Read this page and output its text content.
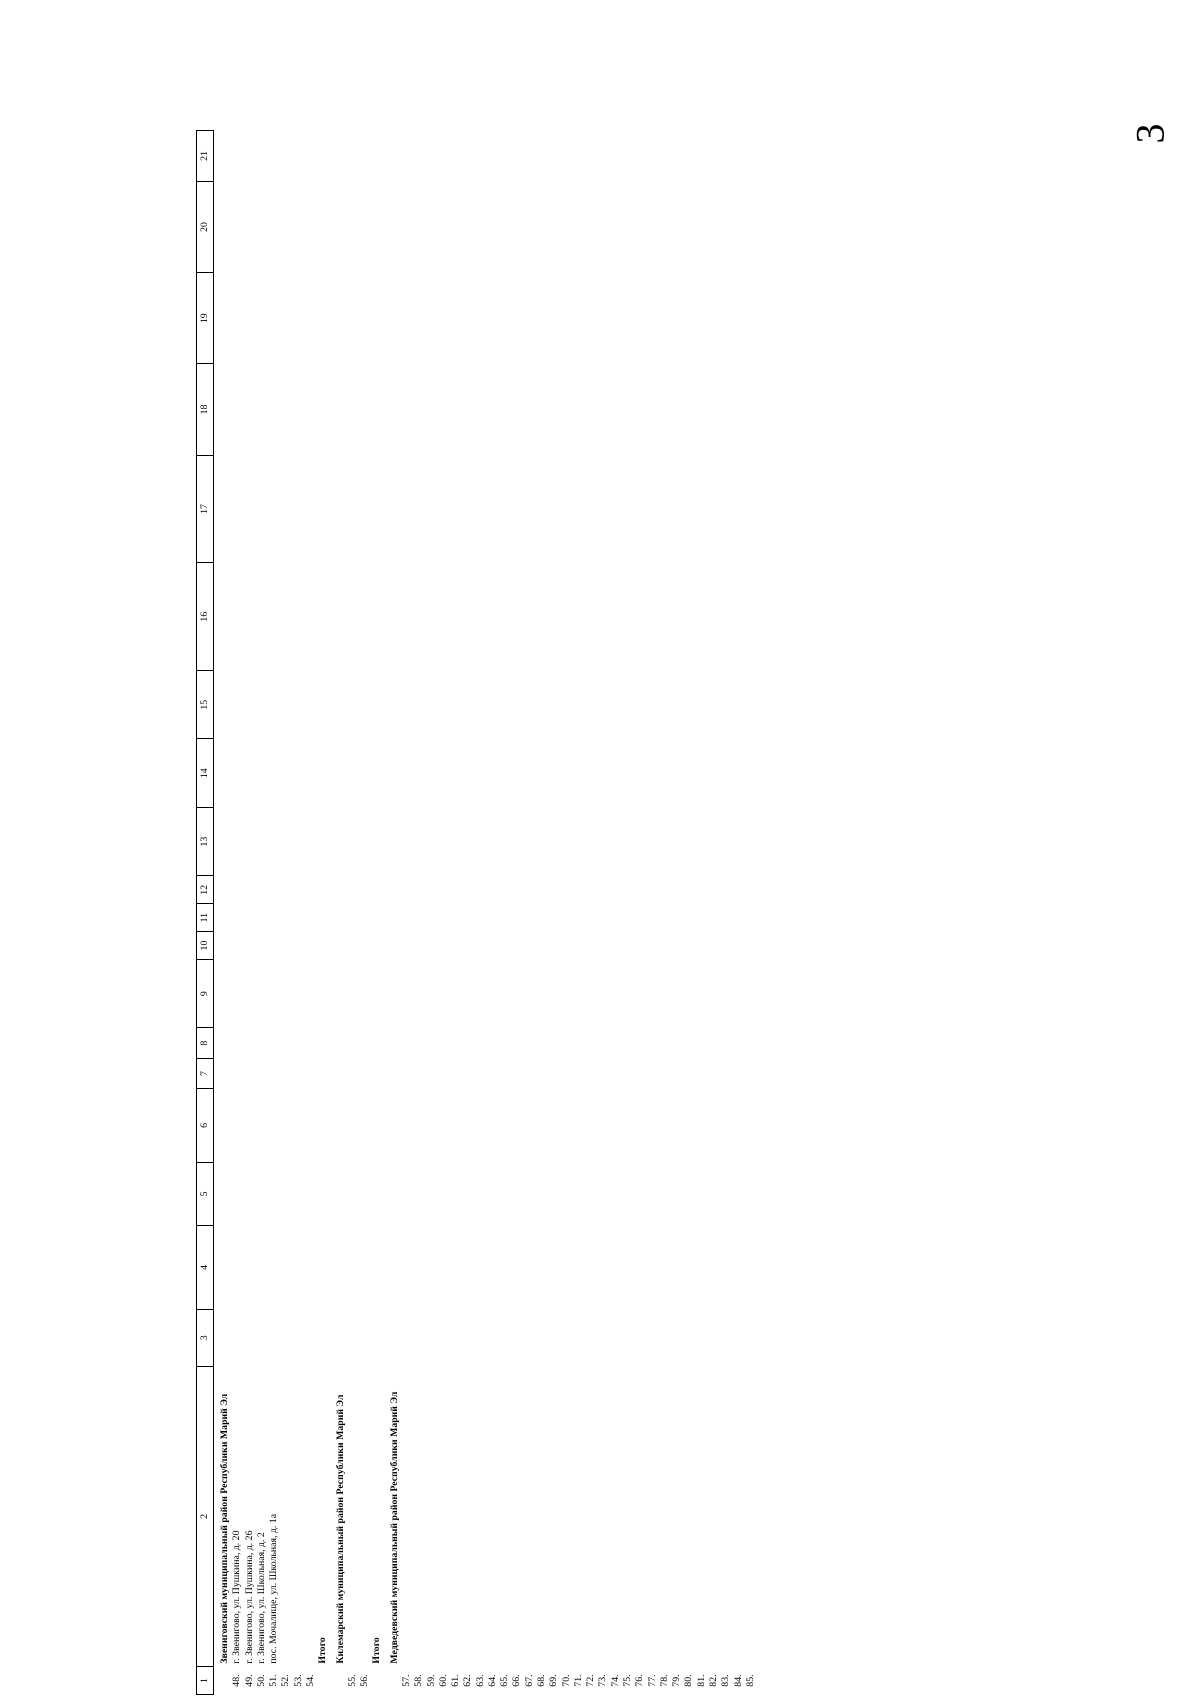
3
1	2	3	4	5	6	7	8	9	10	11	12	13	14	15	16	17	18	19	20	21
	Звениговский муниципальный район Республики Марий Эл																			
48.	г. Звенигово, ул. Пушкина, д. 20																			
49.	г. Звенигово, ул. Пушкина, д. 26																			
50.	г. Звенигово, ул. Школьная, д. 2																			
51.	пос. Мочалище, ул. Школьная, д. 1а																			
52.																				
53.																				
54.																				
	Итого																			
	Килемарский муниципальный район Республики Марий Эл																			
55.																				
56.																				
	Итого																			
	Медведевский муниципальный район Республики Марий Эл																			
57.																				
58.																				
59.																				
60.																				
61.																				
62.																				
63.																				
64.																				
65.																				
66.																				
67.																				
68.																				
69.																				
70.																				
71.																				
72.																				
73.																				
74.																				
75.																				
76.																				
77.																				
78.																				
79.																				
80.																				
81.																				
82.																				
83.																				
84.																				
85.																				
